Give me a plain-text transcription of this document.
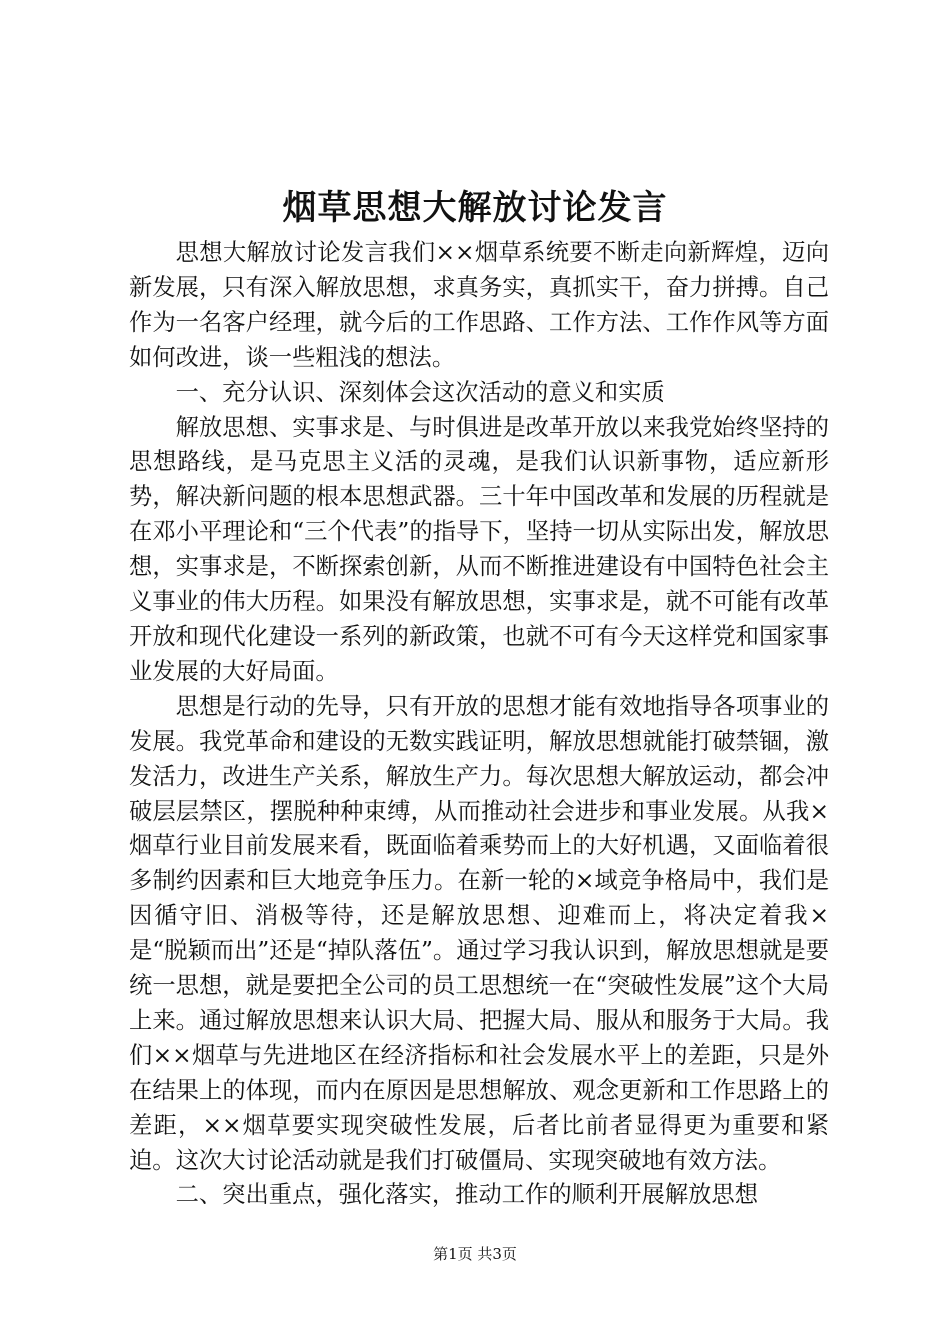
烟草思想大解放讨论发言

思想大解放讨论发言我们××烟草系统要不断走向新辉煌，迈向新发展，只有深入解放思想，求真务实，真抓实干，奋力拼搏。自己作为一名客户经理，就今后的工作思路、工作方法、工作作风等方面如何改进，谈一些粗浅的想法。

一、充分认识、深刻体会这次活动的意义和实质

解放思想、实事求是、与时俱进是改革开放以来我党始终坚持的思想路线，是马克思主义活的灵魂，是我们认识新事物，适应新形势，解决新问题的根本思想武器。三十年中国改革和发展的历程就是在邓小平理论和“三个代表”的指导下，坚持一切从实际出发，解放思想，实事求是，不断探索创新，从而不断推进建设有中国特色社会主义事业的伟大历程。如果没有解放思想，实事求是，就不可能有改革开放和现代化建设一系列的新政策，也就不可有今天这样党和国家事业发展的大好局面。

思想是行动的先导，只有开放的思想才能有效地指导各项事业的发展。我党革命和建设的无数实践证明，解放思想就能打破禁锢，激发活力，改进生产关系，解放生产力。每次思想大解放运动，都会冲破层层禁区，摆脱种种束缚，从而推动社会进步和事业发展。从我×烟草行业目前发展来看，既面临着乘势而上的大好机遇，又面临着很多制约因素和巨大地竞争压力。在新一轮的×域竞争格局中，我们是因循守旧、消极等待，还是解放思想、迎难而上，将决定着我×是“脱颖而出”还是“掉队落伍”。通过学习我认识到，解放思想就是要统一思想，就是要把全公司的员工思想统一在“突破性发展”这个大局上来。通过解放思想来认识大局、把握大局、服从和服务于大局。我们××烟草与先进地区在经济指标和社会发展水平上的差距，只是外在结果上的体现，而内在原因是思想解放、观念更新和工作思路上的差距，××烟草要实现突破性发展，后者比前者显得更为重要和紧迫。这次大讨论活动就是我们打破僵局、实现突破地有效方法。

二、突出重点，强化落实，推动工作的顺利开展解放思想

第1页 共3页
